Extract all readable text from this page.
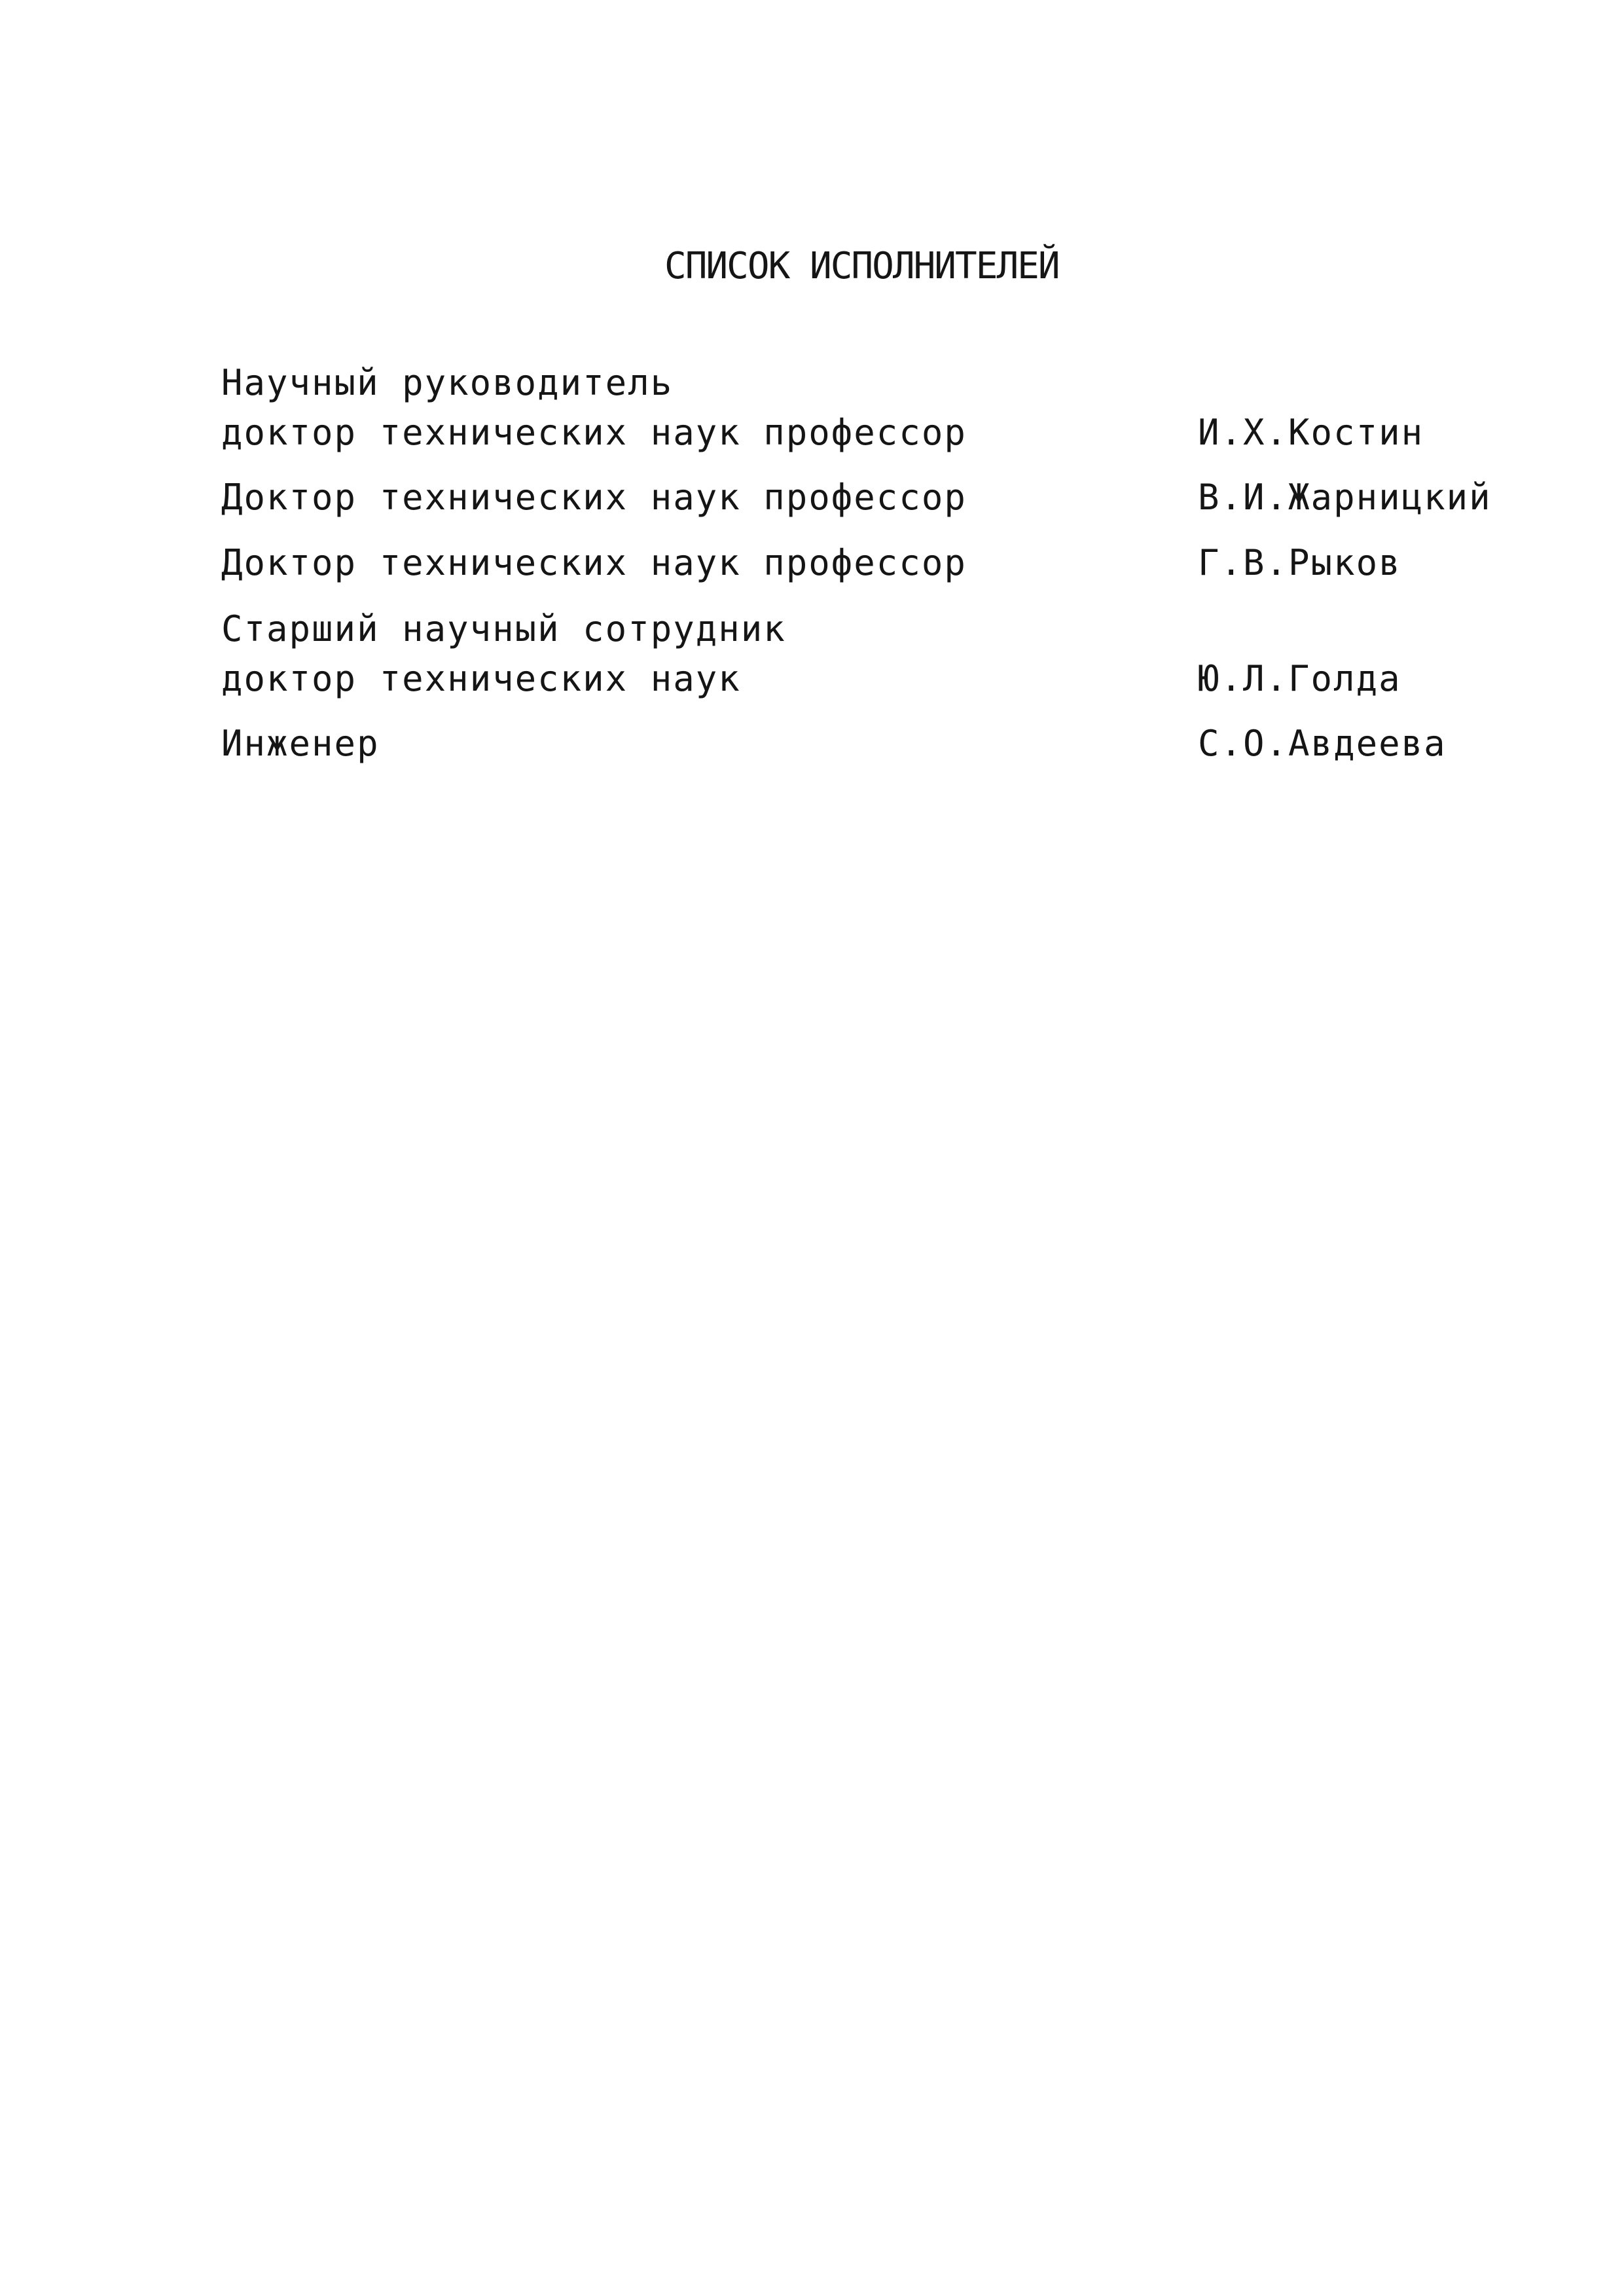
СПИСОК ИСПОЛНИТЕЛЕЙ
Научный руководитель
доктор технических наук профессор	И.Х.Костин
Доктор технических наук профессор	В.И.Жарницкий
Доктор технических наук профессор	Г.В.Рыков
Старший научный сотрудник
доктор технических наук	Ю.Л.Голда
Инженер	С.О.Авдеева
